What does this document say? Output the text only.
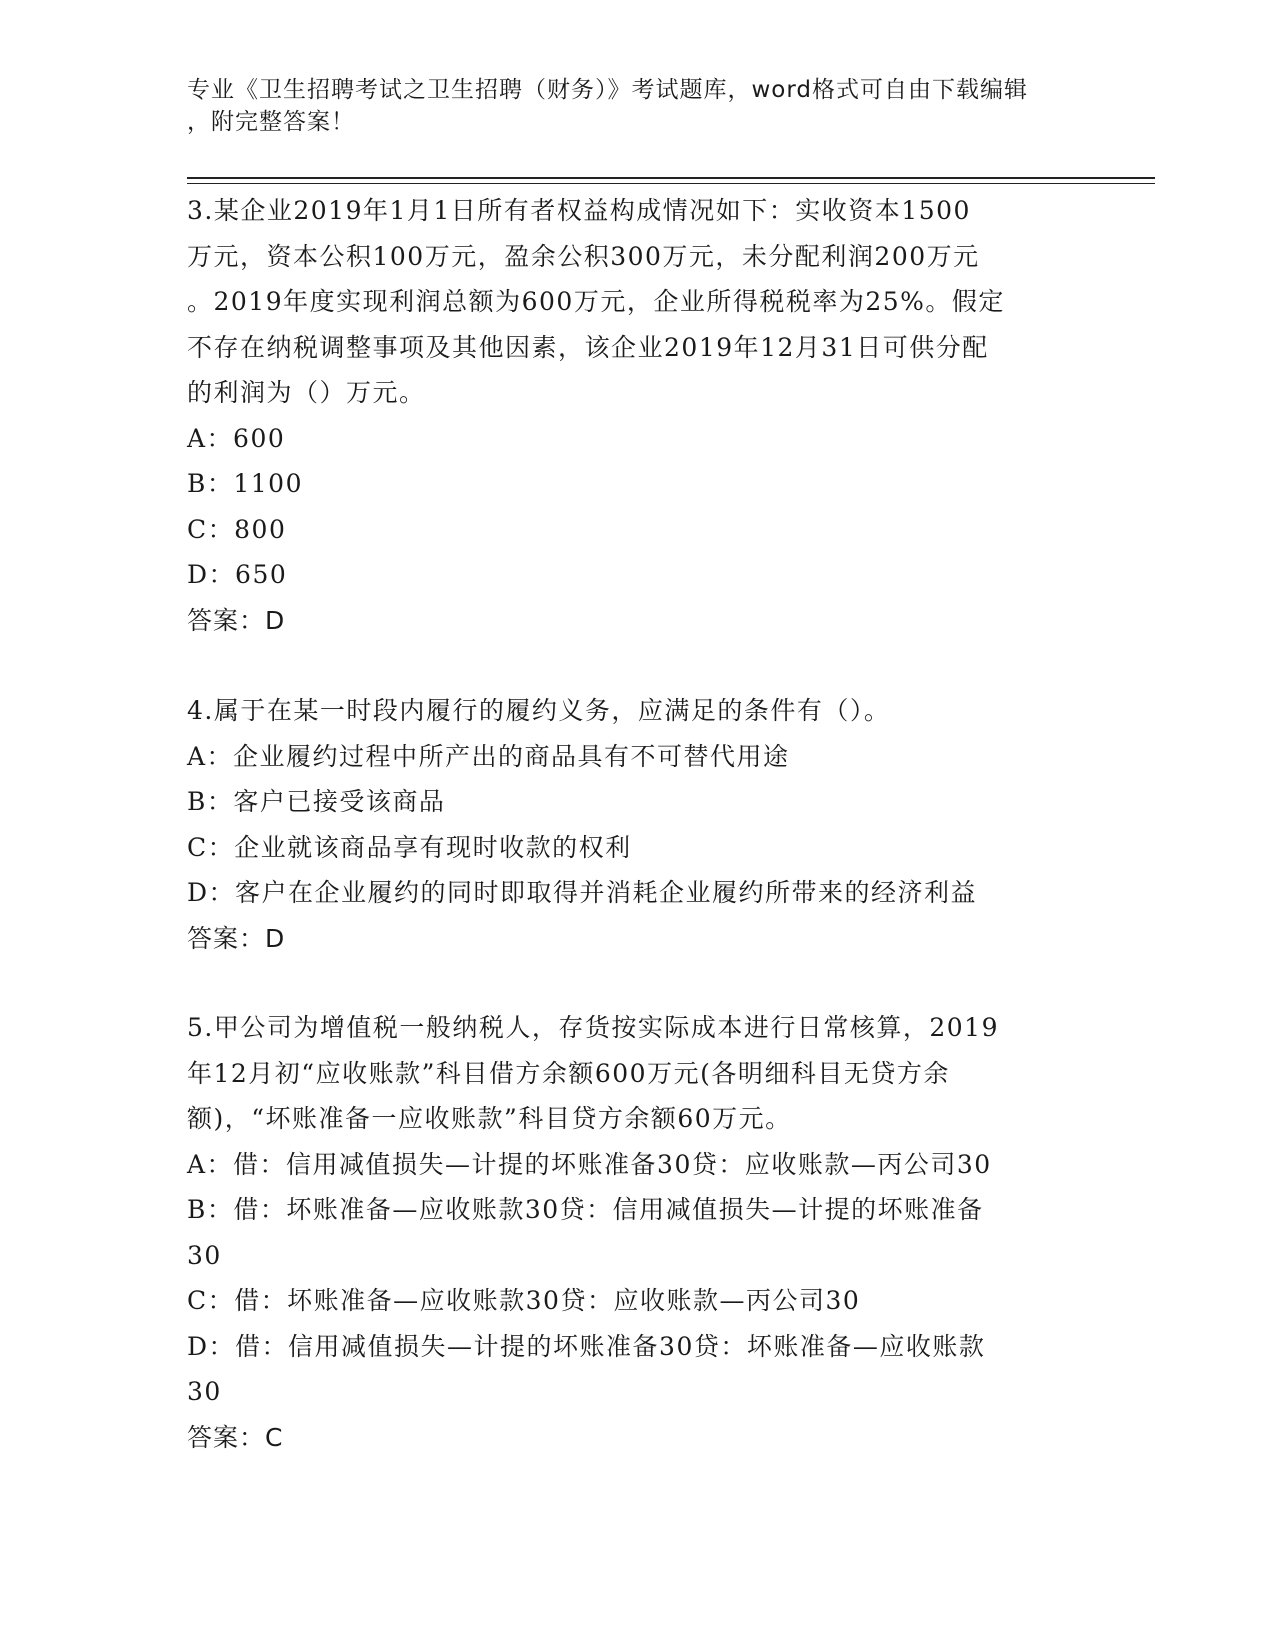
专业《卫生招聘考试之卫生招聘（财务）》考试题库，word格式可自由下载编辑
，附完整答案！

3.某企业2019年1月1日所有者权益构成情况如下：实收资本1500
万元，资本公积100万元，盈余公积300万元，未分配利润200万元
。2019年度实现利润总额为600万元，企业所得税税率为25%。假定
不存在纳税调整事项及其他因素，该企业2019年12月31日可供分配
的利润为（）万元。

A：600

B：1100

C：800

D：650

答案：D

4.属于在某一时段内履行的履约义务，应满足的条件有（）。

A：企业履约过程中所产出的商品具有不可替代用途

B：客户已接受该商品

C：企业就该商品享有现时收款的权利

D：客户在企业履约的同时即取得并消耗企业履约所带来的经济利益

答案：D

5.甲公司为增值税一般纳税人，存货按实际成本进行日常核算，2019
年12月初“应收账款”科目借方余额600万元(各明细科目无贷方余
额)，“坏账准备一应收账款”科目贷方余额60万元。

A：借：信用减值损失—计提的坏账准备30贷：应收账款—丙公司30

B：借：坏账准备—应收账款30贷：信用减值损失—计提的坏账准备
30

C：借：坏账准备—应收账款30贷：应收账款—丙公司30

D：借：信用减值损失—计提的坏账准备30贷：坏账准备—应收账款
30

答案：C
